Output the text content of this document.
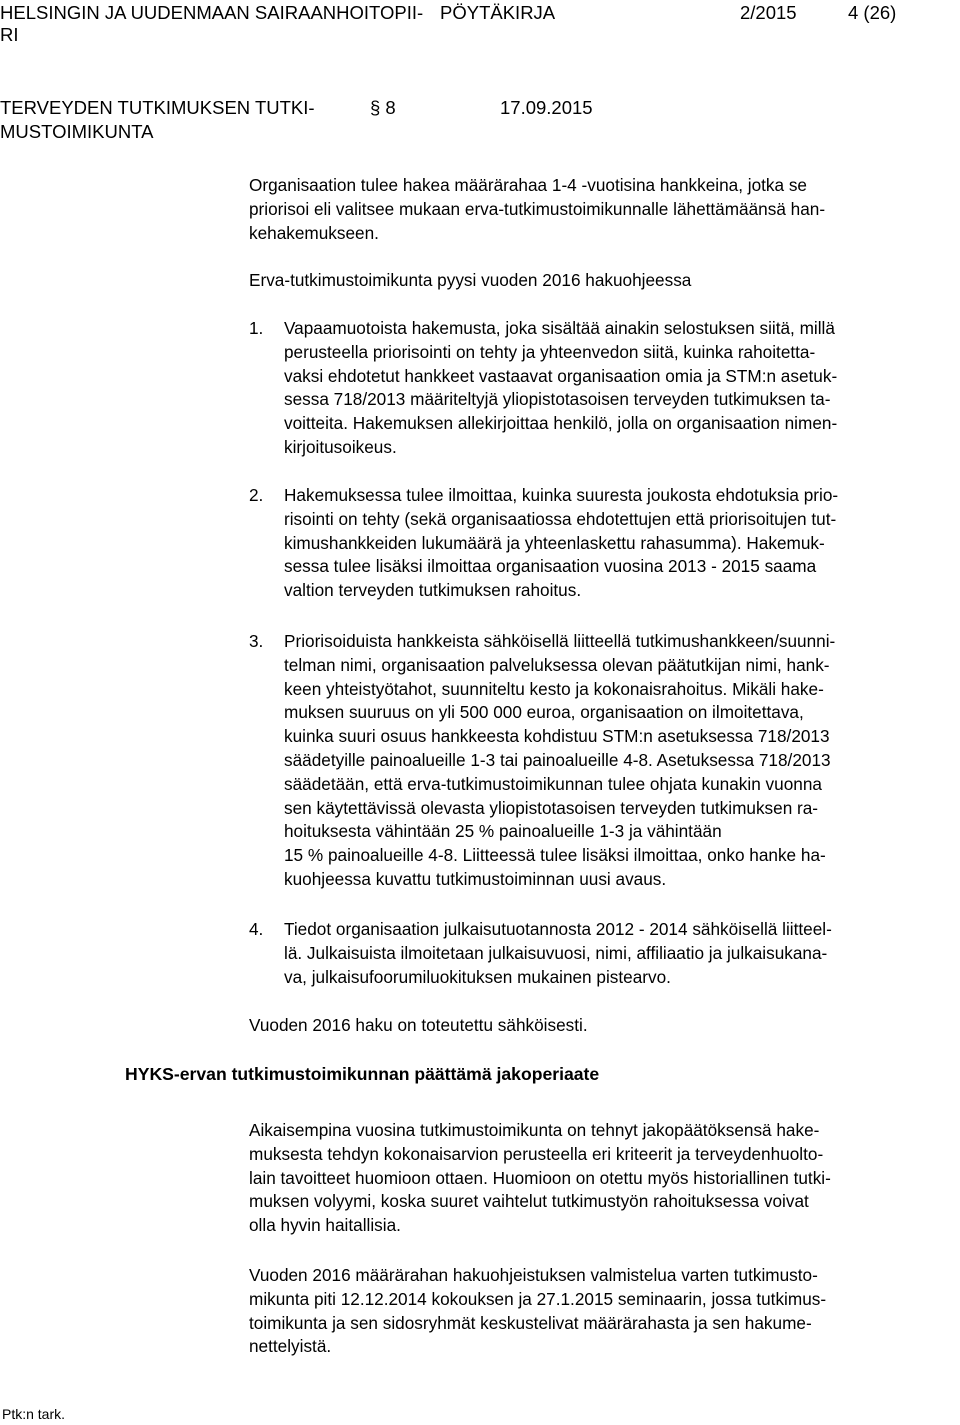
HELSINGIN JA UUDENMAAN SAIRAANHOITOPII-
RI
PÖYTÄKIRJA	2/2015	4 (26)
TERVEYDEN TUTKIMUKSEN TUTKI-
MUSTOIMIKUNTA
§ 8	17.09.2015
Organisaation tulee hakea määrärahaa 1-4 -vuotisina hankkeina, jotka se
priorisoi eli valitsee mukaan erva-tutkimustoimikunnalle lähettämäänsä han-
kehakemukseen.
Erva-tutkimustoimikunta pyysi vuoden 2016 hakuohjeessa
1. Vapaamuotoista hakemusta, joka sisältää ainakin selostuksen siitä, millä
perusteella priorisointi on tehty ja yhteenvedon siitä, kuinka rahoitetta-
vaksi ehdotetut hankkeet vastaavat organisaation omia ja STM:n asetuk-
sessa 718/2013 määriteltyjä yliopistotasoisen terveyden tutkimuksen ta-
voitteita. Hakemuksen allekirjoittaa henkilö, jolla on organisaation nimen-
kirjoitusoikeus.
2. Hakemuksessa tulee ilmoittaa, kuinka suuresta joukosta ehdotuksia prio-
risointi on tehty (sekä organisaatiossa ehdotettujen että priorisoitujen tut-
kimushankkeiden lukumäärä ja yhteenlaskettu rahasumma). Hakemuk-
sessa tulee lisäksi ilmoittaa organisaation vuosina 2013 - 2015 saama
valtion terveyden tutkimuksen rahoitus.
3. Priorisoiduista hankkeista sähköisellä liitteellä tutkimushankkeen/suunni-
telman nimi, organisaation palveluksessa olevan päätutkijan nimi, hank-
keen yhteistyötahot, suunniteltu kesto ja kokonaisrahoitus. Mikäli hake-
muksen suuruus on yli 500 000 euroa, organisaation on ilmoitettava,
kuinka suuri osuus hankkeesta kohdistuu STM:n asetuksessa 718/2013
säädetyille painoalueille 1-3 tai painoalueille 4-8. Asetuksessa 718/2013
säädetään, että erva-tutkimustoimikunnan tulee ohjata kunakin vuonna
sen käytettävissä olevasta yliopistotasoisen terveyden tutkimuksen ra-
hoituksesta vähintään 25 % painoalueille 1-3 ja vähintään
15 % painoalueille 4-8. Liitteessä tulee lisäksi ilmoittaa, onko hanke ha-
kuohjeessa kuvattu tutkimustoiminnan uusi avaus.
4. Tiedot organisaation julkaisutuotannosta 2012 - 2014 sähköisellä liitteel-
lä. Julkaisuista ilmoitetaan julkaisuvuosi, nimi, affiliaatio ja julkaisukana-
va, julkaisufoorumiluokituksen mukainen pistearvo.
Vuoden 2016 haku on toteutettu sähköisesti.
HYKS-ervan tutkimustoimikunnan päättämä jakoperiaate
Aikaisempina vuosina tutkimustoimikunta on tehnyt jakopäätöksensä hake-
muksesta tehdyn kokonaisarvion perusteella eri kriteerit ja terveydenhuolto-
lain tavoitteet huomioon ottaen. Huomioon on otettu myös historiallinen tutki-
muksen volyymi, koska suuret vaihtelut tutkimustyön rahoituksessa voivat
olla hyvin haitallisia.
Vuoden 2016 määrärahan hakuohjeistuksen valmistelua varten tutkimusto-
mikunta piti 12.12.2014 kokouksen ja 27.1.2015 seminaarin, jossa tutkimus-
toimikunta ja sen sidosryhmät keskustelivat määrärahasta ja sen hakume-
nettelyistä.
Ptk:n tark.
